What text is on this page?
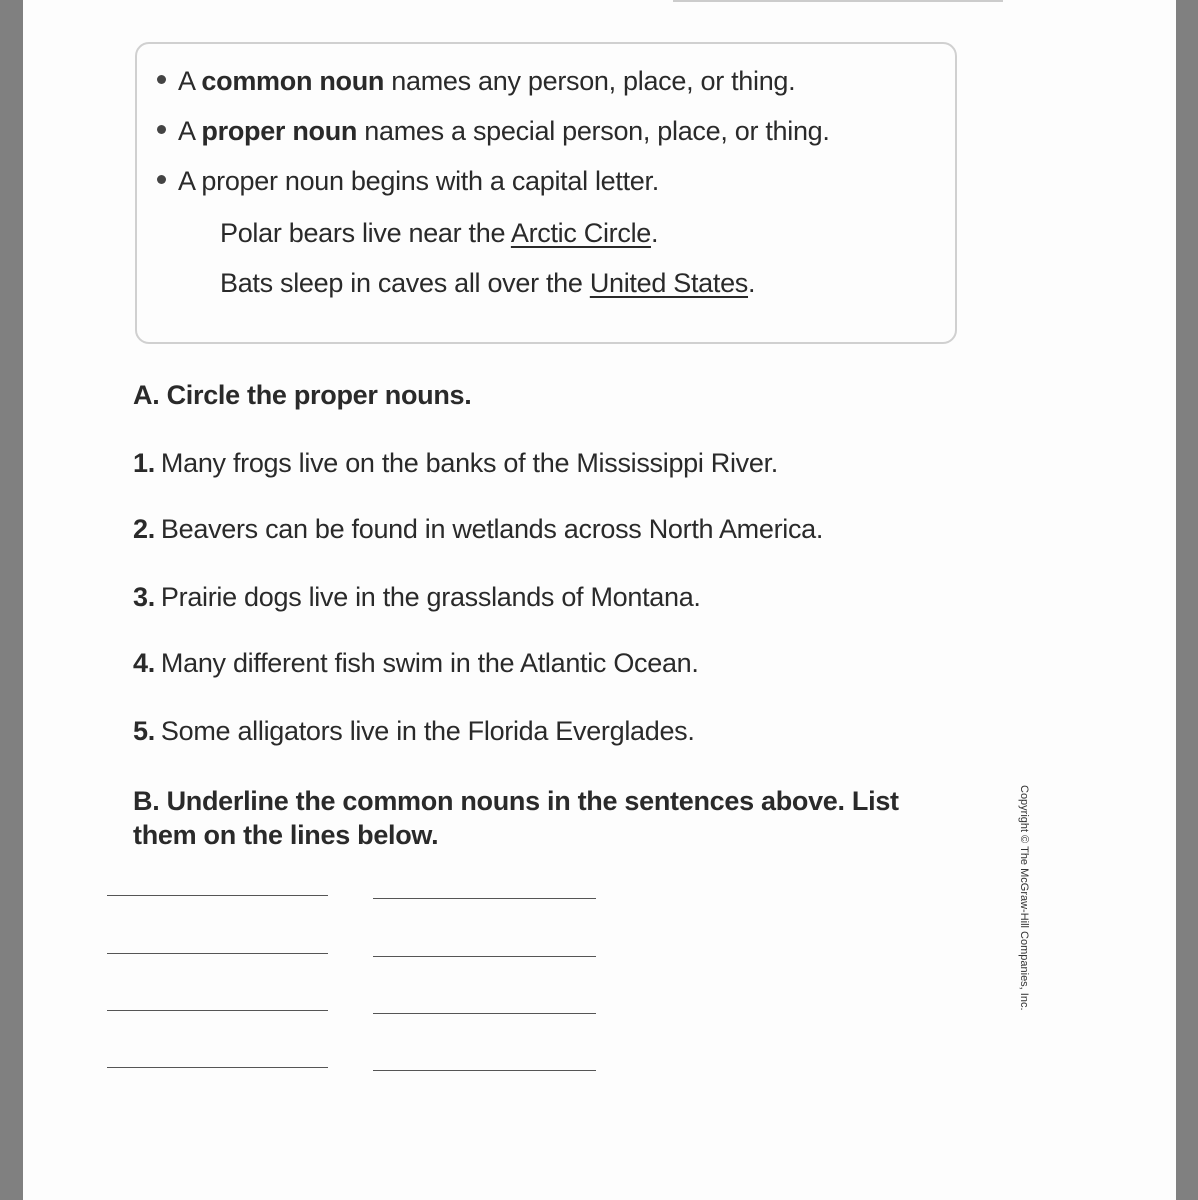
A common noun names any person, place, or thing.
A proper noun names a special person, place, or thing.
A proper noun begins with a capital letter.
Polar bears live near the Arctic Circle.
Bats sleep in caves all over the United States.
A. Circle the proper nouns.
1. Many frogs live on the banks of the Mississippi River.
2. Beavers can be found in wetlands across North America.
3. Prairie dogs live in the grasslands of Montana.
4. Many different fish swim in the Atlantic Ocean.
5. Some alligators live in the Florida Everglades.
B. Underline the common nouns in the sentences above. List
them on the lines below.	Copyright © The McGraw-Hill Companies, Inc.
